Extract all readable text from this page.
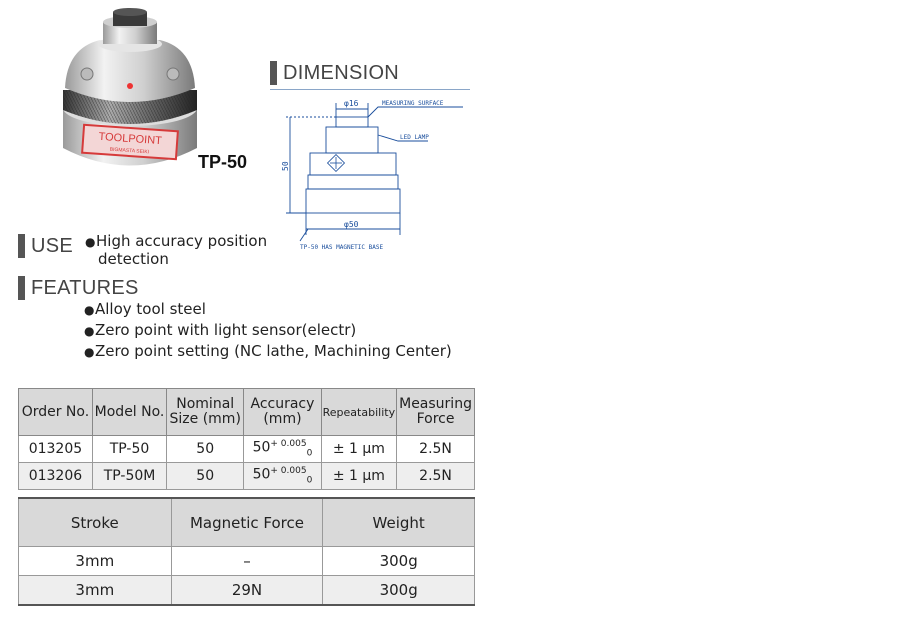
TOOLPOINT
BIGMASTA SEIKI
TP-50
DIMENSION
φ16	MEASURING SURFACE
LED LAMP
50
φ50
TP-50 HAS MAGNETIC BASE
USE ●High accuracy position
detection
FEATURES
●Alloy tool steel
●Zero point with light sensor(electr)
●Zero point setting (NC lathe, Machining Center)
Order No.	Model No.	Nominal Size (mm)	Accuracy (mm)	Repeatability	Measuring Force
013205	TP-50	50	$50^{+ 0.005}_0$	± 1 μm	2.5N
013206	TP-50M	50	$50^{+ 0.005}_0$	± 1 μm	2.5N
Stroke	Magnetic Force	Weight
3mm	–	300g
3mm	29N	300g
